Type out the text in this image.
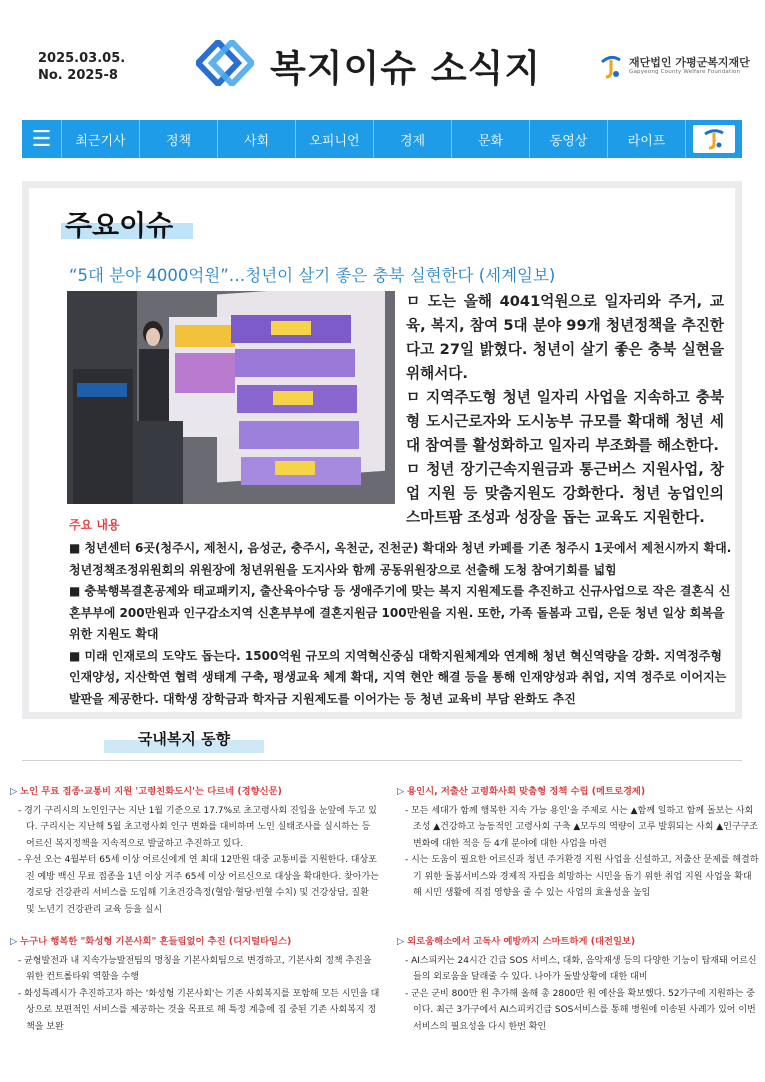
2025.03.05.
No. 2025-8	복지이슈 소식지	재단법인 가평군복지재단
Gapyeong County Welfare Foundation
☰	최근기사	정책	사회	오피니언	경제	문화	동영상	라이프
주요이슈
“5대 분야 4000억원”…청년이 살기 좋은 충북 실현한다 (세계일보)

ㅁ 도는 올해 4041억원으로 일자리와 주거, 교육, 복지, 참여 5대 분야 99개 청년정책을 추진한다고 27일 밝혔다. 청년이 살기 좋은 충북 실현을 위해서다.

ㅁ 지역주도형 청년 일자리 사업을 지속하고 충북형 도시근로자와 도시농부 규모를 확대해 청년 세대 참여를 활성화하고 일자리 부조화를 해소한다.

ㅁ 청년 장기근속지원금과 통근버스 지원사업, 창업 지원 등 맞춤지원도 강화한다. 청년 농업인의 스마트팜 조성과 성장을 돕는 교육도 지원한다.

주요 내용

■ 청년센터 6곳(청주시, 제천시, 음성군, 충주시, 옥천군, 진천군) 확대와 청년 카페를 기존 청주시 1곳에서 제천시까지 확대. 청년정책조정위원회의 위원장에 청년위원을 도지사와 함께 공동위원장으로 선출해 도청 참여기회를 넓힘

■ 충북행복결혼공제와 태교패키지, 출산육아수당 등 생애주기에 맞는 복지 지원제도를 추진하고 신규사업으로 작은 결혼식 신혼부부에 200만원과 인구감소지역 신혼부부에 결혼지원금 100만원을 지원. 또한, 가족 돌봄과 고립, 은둔 청년 일상 회복을 위한 지원도 확대

■ 미래 인재로의 도약도 돕는다. 1500억원 규모의 지역혁신중심 대학지원체계와 연계해 청년 혁신역량을 강화. 지역정주형 인재양성, 지산학연 협력 생태계 구축, 평생교육 체계 확대, 지역 현안 해결 등을 통해 인재양성과 취업, 지역 정주로 이어지는 발판을 제공한다. 대학생 장학금과 학자금 지원제도를 이어가는 등 청년 교육비 부담 완화도 추진

국내복지 동향
▷ 노인 무료 접종·교통비 지원 '고령친화도시'는 다르네 (경향신문)
- 경기 구리시의 노인인구는 지난 1월 기준으로 17.7%로 초고령사회 진입을 눈앞에 두고 있다. 구리시는 지난해 5월 초고령사회 인구 변화를 대비하며 노인 실태조사를 실시하는 등 어르신 복지정책을 지속적으로 발굴하고 추진하고 있다.
- 우선 오는 4월부터 65세 이상 어르신에게 연 최대 12만원 대중 교통비를 지원한다. 대상포진 예방 백신 무료 접종을 1년 이상 거주 65세 이상 어르신으로 대상을 확대한다. 찾아가는 경로당 건강관리 서비스를 도입해 기초건강측정(혈압·혈당·빈혈 수치) 및 건강상담, 질환 및 노년기 건강관리 교육 등을 실시
▷ 용인시, 저출산 고령화사회 맞춤형 정책 수립 (메트로경제)
- 모든 세대가 함께 행복한 지속 가능 용인'을 주제로 시는 ▲함께 일하고 함께 돌보는 사회 조성 ▲건강하고 능동적인 고령사회 구축 ▲모두의 역량이 고루 발휘되는 사회 ▲인구구조 변화에 대한 적응 등 4개 분야에 대한 사업을 마련
- 시는 도움이 필요한 어르신과 청년 주거환경 지원 사업을 신설하고, 저출산 문제를 해결하기 위한 돌봄서비스와 경제적 자립을 희망하는 시민을 돕기 위한 취업 지원 사업을 확대해 시민 생활에 직접 영향을 줄 수 있는 사업의 효율성을 높임
▷ 누구나 행복한 "화성형 기본사회" 흔들림없이 추진 (디지털타임스)
- 균형발전과 내 지속가능발전팀의 명칭을 기본사회팀으로 변경하고, 기본사회 정책 추진을 위한 컨트롤타워 역할을 수행
- 화성특례시가 추진하고자 하는 '화성형 기본사회'는 기존 사회복지를 포함해 모든 시민을 대상으로 보편적인 서비스를 제공하는 것을 목표로 해 특정 계층에 집 중된 기존 사회복지 정책을 보완
▷ 외로움해소에서 고독사 예방까지 스마트하게 (대전일보)
- AI스피커는 24시간 긴급 SOS 서비스, 대화, 음악재생 등의 다양한 기능이 탑재돼 어르신들의 외로움을 달래줄 수 있다. 나아가 돌발상황에 대한 대비
- 군은 군비 800만 원 추가해 올해 총 2800만 원 예산을 확보했다. 52가구에 지원하는 중이다. 최근 3가구에서 AI스피커긴급 SOS서비스를 통해 병원에 이송된 사례가 있어 이번 서비스의 필요성을 다시 한번 확인
